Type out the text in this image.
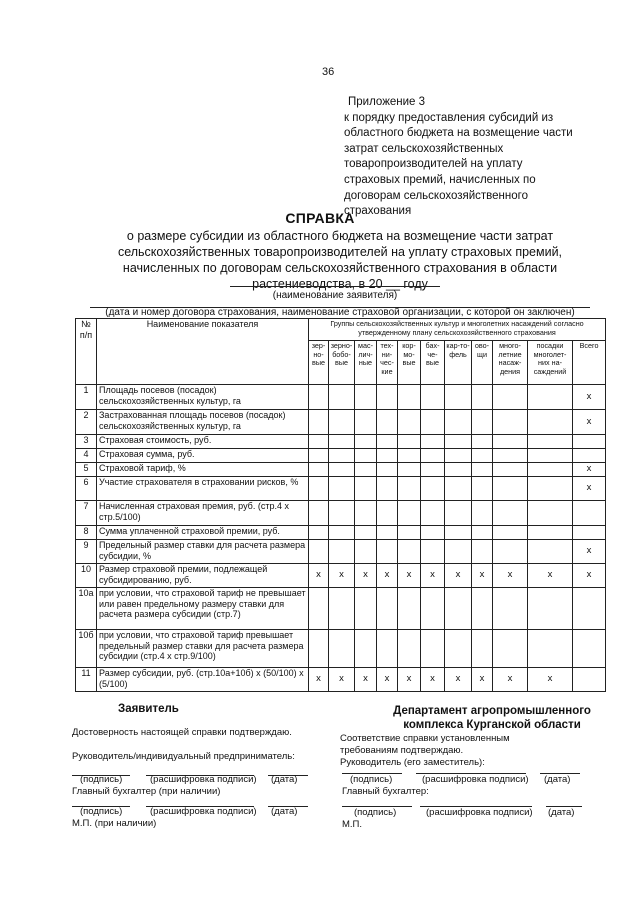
36
Приложение 3
к порядку предоставления субсидий из
областного бюджета на возмещение части
затрат сельскохозяйственных
товаропроизводителей на уплату
страховых премий, начисленных по
договорам сельскохозяйственного
страхования
СПРАВКА
о размере субсидии из областного бюджета на возмещение части затрат
сельскохозяйственных товаропроизводителей на уплату страховых премий,
начисленных по договорам сельскохозяйственного страхования в области
растениеводства, в 20 __ году
(наименование заявителя)
(дата и номер договора страхования, наименование страховой организации, с которой он заключен)
№ п/п	Наименование показателя	Группы сельскохозяйственных культур и многолетних насаждений согласно утвержденному плану сельскохозяйственного страхования										
		зер-но-вые	зерно-бобо-вые	мас-лич-ные	тех-ни-чес-кие	кор-мо-вые	бах-че-вые	кар-то-фель	ово-щи	много-летние насаж-дения	посадки многолет-них на-саждений	Всего
1	Площадь посевов (посадок) сельскохозяйственных культур, га											x
2	Застрахованная площадь посевов (посадок) сельскохозяйственных культур, га											x
3	Страховая стоимость, руб.											
4	Страховая сумма, руб.											
5	Страховой тариф, %											x
6	Участие страхователя в страховании рисков, %											x
7	Начисленная страховая премия, руб. (стр.4 х стр.5/100)											
8	Сумма уплаченной страховой премии, руб.											
9	Предельный размер ставки для расчета размера субсидии, %											x
10	Размер страховой премии, подлежащей субсидированию, руб.	x	x	x	x	x	x	x	x	x	x	x
10а	при условии, что страховой тариф не превышает или равен предельному размеру ставки для расчета размера субсидии (стр.7)											
10б	при условии, что страховой тариф превышает предельный размер ставки для расчета размера субсидии (стр.4 х стр.9/100)											
11	Размер субсидии, руб. (стр.10а+10б) х (50/100) х (5/100)	x	x	x	x	x	x	x	x	x	x	
Заявитель	Департамент агропромышленного комплекса Курганской области
Достоверность настоящей справки подтверждаю.
Руководитель/индивидуальный предприниматель:
(подпись)	(расшифровка подписи) (дата)
Главный бухгалтер (при наличии)
(подпись)	(расшифровка подписи) (дата)
М.П. (при наличии)
Соответствие справки установленным
требованиям подтверждаю.
Руководитель (его заместитель):
(подпись)	(расшифровка подписи) (дата)
Главный бухгалтер:
(подпись)	(расшифровка подписи) (дата)
М.П.
